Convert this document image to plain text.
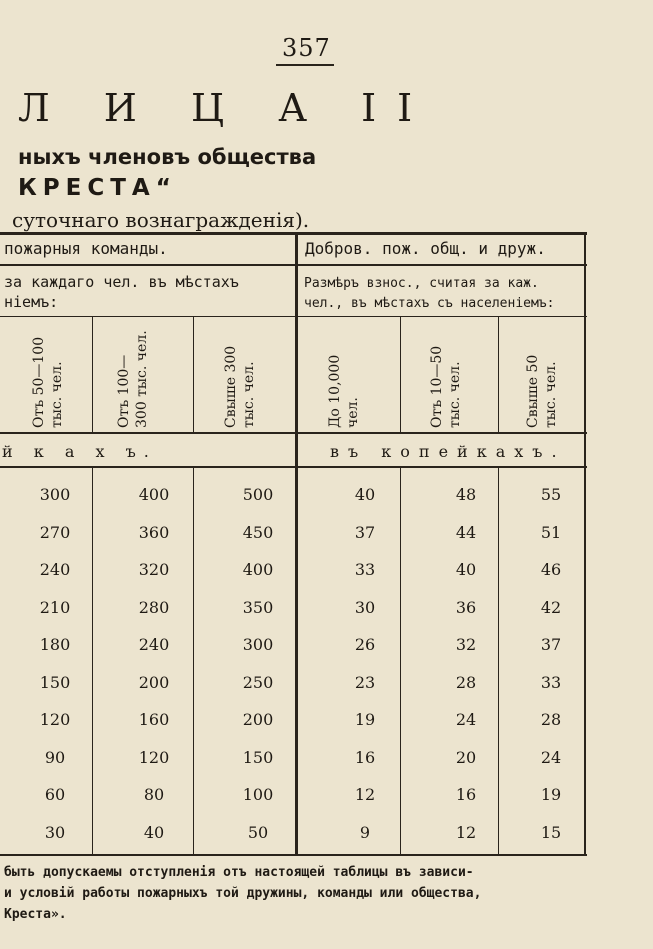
357
Л И Ц А II
ныхъ членовъ общества
КРЕСТА“
суточнаго вознагражденія).
пожарныя команды.	Добров. пож. общ. и друж.
за каждаго чел. въ мѣстахъ
ніемъ:
Размѣръ взнос., считая за каж.
чел., въ мѣстахъ съ населеніемъ:
Отъ 50—100 тыс. чел.	Отъ 100— 300 тыс. чел.	Свыше 300 тыс. чел.	До 10,000 чел.	Отъ 10—50 тыс. чел.	Свыше 50 тыс. чел.
й к а х ъ.	въ копейкахъ.
300	400	500	40	48	55
270	360	450	37	44	51
240	320	400	33	40	46
210	280	350	30	36	42
180	240	300	26	32	37
150	200	250	23	28	33
120	160	200	19	24	28
90	120	150	16	20	24
60	80	100	12	16	19
30	40	50	9	12	15
быть допускаемы отступленія отъ настоящей таблицы въ зависи-
и условій работы пожарныхъ той дружины, команды или общества,
Креста».
